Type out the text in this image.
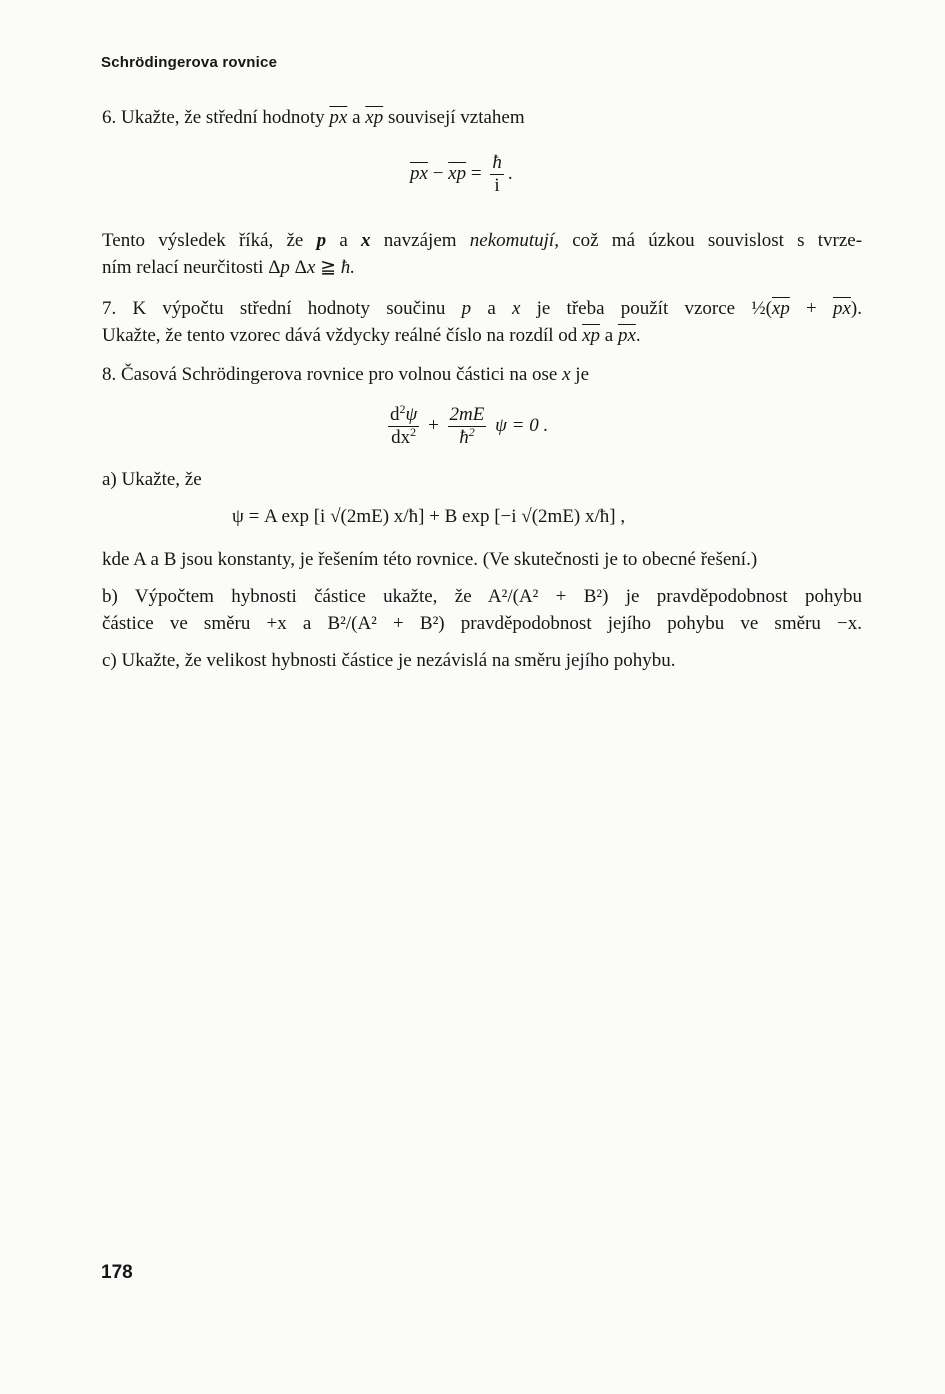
Schrödingerova rovnice
6. Ukažte, že střední hodnoty $\overline{px}$ a $\overline{xp}$ souvisejí vztahem
$\overline{px} - \overline{xp} = \frac{ħ}{i}$ .
Tento výsledek říká, že p a x navzájem nekomutují, což má úzkou souvislost s tvrze-
ním relací neurčitosti Δp Δx ≧ ħ.
7. K výpočtu střední hodnoty součinu p a x je třeba použít vzorce $\frac{1}{2}(\overline{xp} + \overline{px})$.
Ukažte, že tento vzorec dává vždycky reálné číslo na rozdíl od $\overline{xp}$ a $\overline{px}$.
8. Časová Schrödingerova rovnice pro volnou částici na ose x je
$\frac{d^2\psi}{dx^2} + \frac{2mE}{ħ^2}$ ψ = 0 .
a) Ukažte, že
ψ = A exp [i √(2mE) x/ħ] + B exp [−i √(2mE) x/ħ] ,
kde A a B jsou konstanty, je řešením této rovnice. (Ve skutečnosti je to obecné řešení.)
b) Výpočtem hybnosti částice ukažte, že A²/(A² + B²) je pravděpodobnost pohybu
částice ve směru +x a B²/(A² + B²) pravděpodobnost jejího pohybu ve směru −x.
c) Ukažte, že velikost hybnosti částice je nezávislá na směru jejího pohybu.
178
